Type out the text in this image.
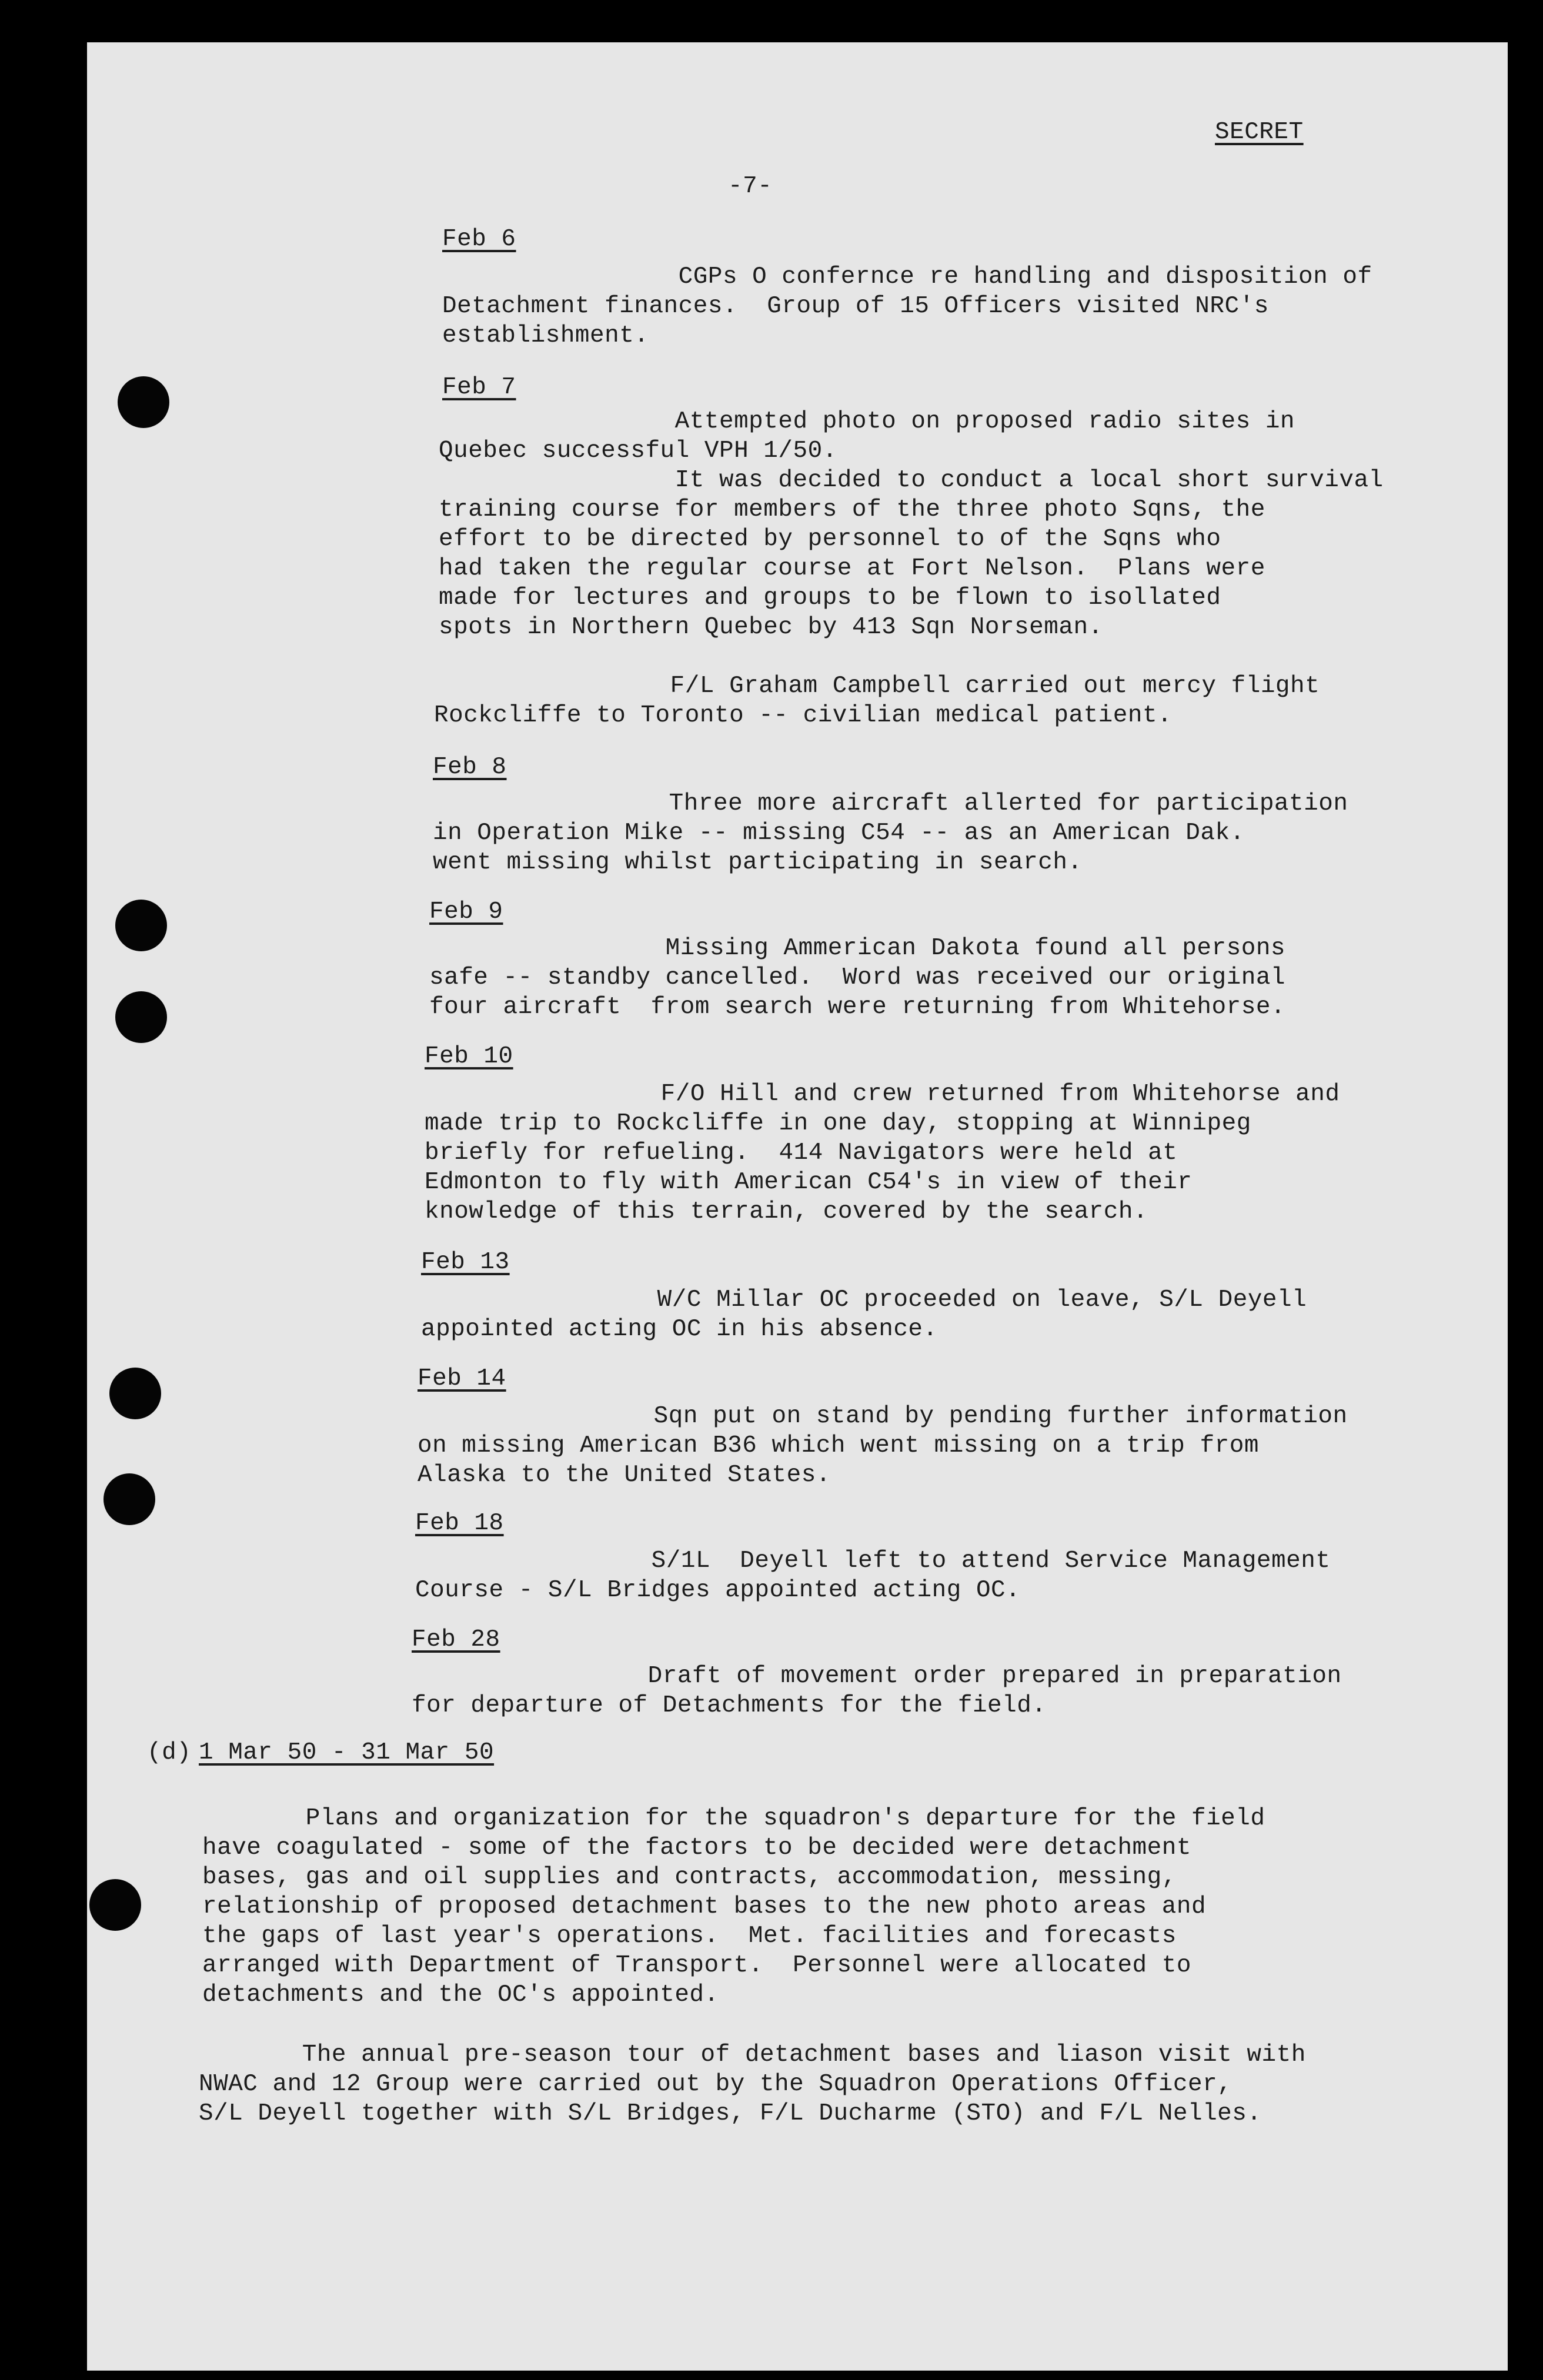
SECRET
-7-
Feb 6
CGPs O confernce re handling and disposition of
Detachment finances.  Group of 15 Officers visited NRC's
establishment.
Feb 7
Attempted photo on proposed radio sites in
Quebec successful VPH 1/50.
It was decided to conduct a local short survival
training course for members of the three photo Sqns, the
effort to be directed by personnel to of the Sqns who
had taken the regular course at Fort Nelson.  Plans were
made for lectures and groups to be flown to isollated
spots in Northern Quebec by 413 Sqn Norseman.
F/L Graham Campbell carried out mercy flight
Rockcliffe to Toronto -- civilian medical patient.
Feb 8
Three more aircraft allerted for participation
in Operation Mike -- missing C54 -- as an American Dak.
went missing whilst participating in search.
Feb 9
Missing Ammerican Dakota found all persons
safe -- standby cancelled.  Word was received our original
four aircraft  from search were returning from Whitehorse.
Feb 10
F/O Hill and crew returned from Whitehorse and
made trip to Rockcliffe in one day, stopping at Winnipeg
briefly for refueling.  414 Navigators were held at
Edmonton to fly with American C54's in view of their
knowledge of this terrain, covered by the search.
Feb 13
W/C Millar OC proceeded on leave, S/L Deyell
appointed acting OC in his absence.
Feb 14
Sqn put on stand by pending further information
on missing American B36 which went missing on a trip from
Alaska to the United States.
Feb 18
S/1L  Deyell left to attend Service Management
Course - S/L Bridges appointed acting OC.
Feb 28
Draft of movement order prepared in preparation
for departure of Detachments for the field.
(d) 1 Mar 50 - 31 Mar 50
Plans and organization for the squadron's departure for the field
have coagulated - some of the factors to be decided were detachment
bases, gas and oil supplies and contracts, accommodation, messing,
relationship of proposed detachment bases to the new photo areas and
the gaps of last year's operations.  Met. facilities and forecasts
arranged with Department of Transport.  Personnel were allocated to
detachments and the OC's appointed.
The annual pre-season tour of detachment bases and liason visit with
NWAC and 12 Group were carried out by the Squadron Operations Officer,
S/L Deyell together with S/L Bridges, F/L Ducharme (STO) and F/L Nelles.
